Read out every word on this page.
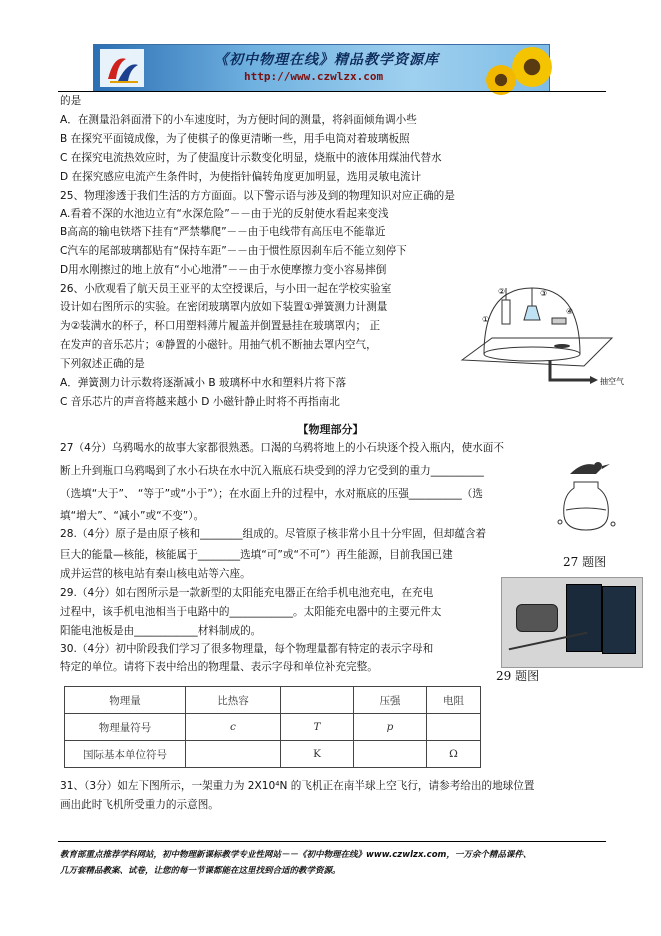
《初中物理在线》精品教学资源库
http://www.czwlzx.com
的是
A．在测量沿斜面滑下的小车速度时，为方便时间的测量，将斜面倾角调小些
B 在探究平面镜成像，为了使棋子的像更清晰一些，用手电筒对着玻璃板照
C 在探究电流热效应时，为了使温度计示数变化明显，烧瓶中的液体用煤油代替水
D 在探究感应电流产生条件时，为使指针偏转角度更加明显，选用灵敏电流计
25、物理渗透于我们生活的方方面面。以下警示语与涉及到的物理知识对应正确的是
A.看着不深的水池边立有“水深危险”－－由于光的反射使水看起来变浅
B高高的输电铁塔下挂有“严禁攀爬”－－由于电线带有高压电不能靠近
C汽车的尾部玻璃都贴有“保持车距”－－由于惯性原因刹车后不能立刻停下
D用水刚擦过的地上放有“小心地滑”－－由于水使摩擦力变小容易摔倒
26、小欣观看了航天员王亚平的太空授课后，与小田一起在学校实验室
设计如右图所示的实验。在密闭玻璃罩内放如下装置①弹簧测力计测量
为②装满水的杯子，杯口用塑料薄片履盖并倒置悬挂在玻璃罩内； 正
在发声的音乐芯片；④静置的小磁针。用抽气机不断抽去罩内空气，
下列叙述正确的是
A．弹簧测力计示数将逐渐减小 B 玻璃杯中水和塑料片将下落
C 音乐芯片的声音将越来越小 D 小磁针静止时将不再指南北
①
②	③
④
抽空气
【物理部分】
27（4分）乌鸦喝水的故事大家都很熟悉。口渴的乌鸦将地上的小石块逐个投入瓶内，使水面不
断上升到瓶口乌鸦喝到了水小石块在水中沉入瓶底石块受到的浮力它受到的重力__________
（选填“大于”、 “等于”或“小于”）；在水面上升的过程中，水对瓶底的压强__________（选
填“增大”、“减小”或“不变”）。
28.（4分）原子是由原子核和________组成的。尽管原子核非常小且十分牢固，但却蕴含着
巨大的能量—核能，核能属于________选填“可”或“不可”）再生能源，目前我国已建
成并运营的核电站有秦山核电站等六座。
29.（4分）如右图所示是一款新型的太阳能充电器正在给手机电池充电，在充电
过程中，该手机电池相当于电路中的____________。太阳能充电器中的主要元件太
阳能电池板是由____________材料制成的。
30.（4分）初中阶段我们学习了很多物理量，每个物理量都有特定的表示字母和
特定的单位。请将下表中给出的物理量、表示字母和单位补充完整。
27 题图
29 题图
物理量	比热容		压强	电阻
物理量符号	c	T	p	
国际基本单位符号		K		Ω
31、（3分）如左下图所示，一架重力为 2X10⁴N 的飞机正在南半球上空飞行，请参考给出的地球位置
画出此时飞机所受重力的示意图。
教育部重点推荐学科网站，初中物理新课标教学专业性网站－－《初中物理在线》www.czwlzx.com，一万余个精品课件、
几万套精品教案、试卷，让您的每一节课都能在这里找到合适的教学资源。
